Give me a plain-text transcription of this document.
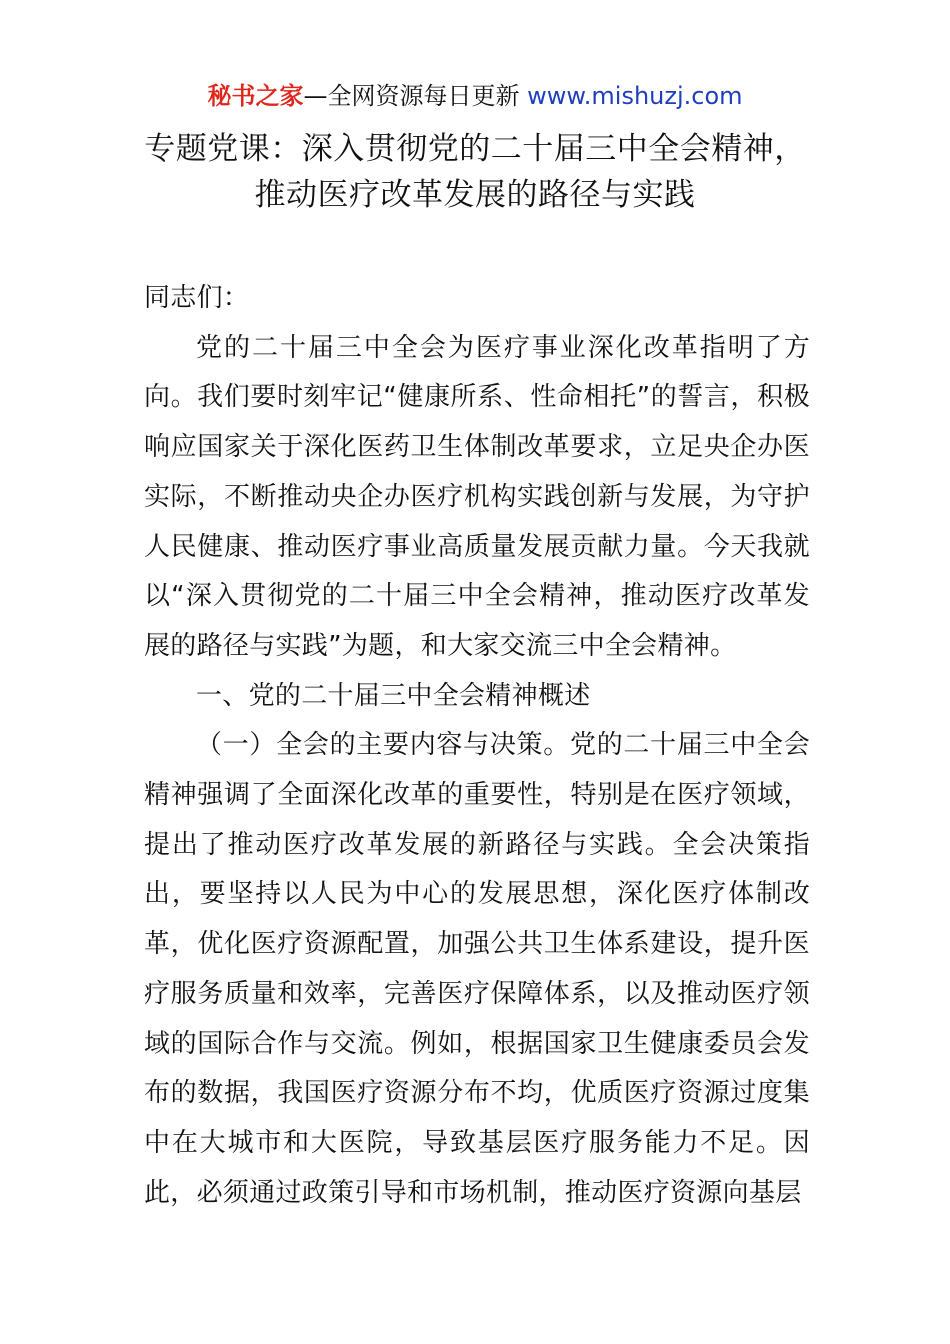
秘书之家—全网资源每日更新 www.mishuzj.com
专题党课：深入贯彻党的二十届三中全会精神，推动医疗改革发展的路径与实践

同志们：

党的二十届三中全会为医疗事业深化改革指明了方向。我们要时刻牢记“健康所系、性命相托”的誓言，积极响应国家关于深化医药卫生体制改革要求，立足央企办医实际，不断推动央企办医疗机构实践创新与发展，为守护人民健康、推动医疗事业高质量发展贡献力量。今天我就以“深入贯彻党的二十届三中全会精神，推动医疗改革发展的路径与实践”为题，和大家交流三中全会精神。

一、党的二十届三中全会精神概述

（一）全会的主要内容与决策。党的二十届三中全会精神强调了全面深化改革的重要性，特别是在医疗领域，提出了推动医疗改革发展的新路径与实践。全会决策指出，要坚持以人民为中心的发展思想，深化医疗体制改革，优化医疗资源配置，加强公共卫生体系建设，提升医疗服务质量和效率，完善医疗保障体系，以及推动医疗领域的国际合作与交流。例如，根据国家卫生健康委员会发布的数据，我国医疗资源分布不均，优质医疗资源过度集中在大城市和大医院，导致基层医疗服务能力不足。因此，必须通过政策引导和市场机制，推动医疗资源向基层
